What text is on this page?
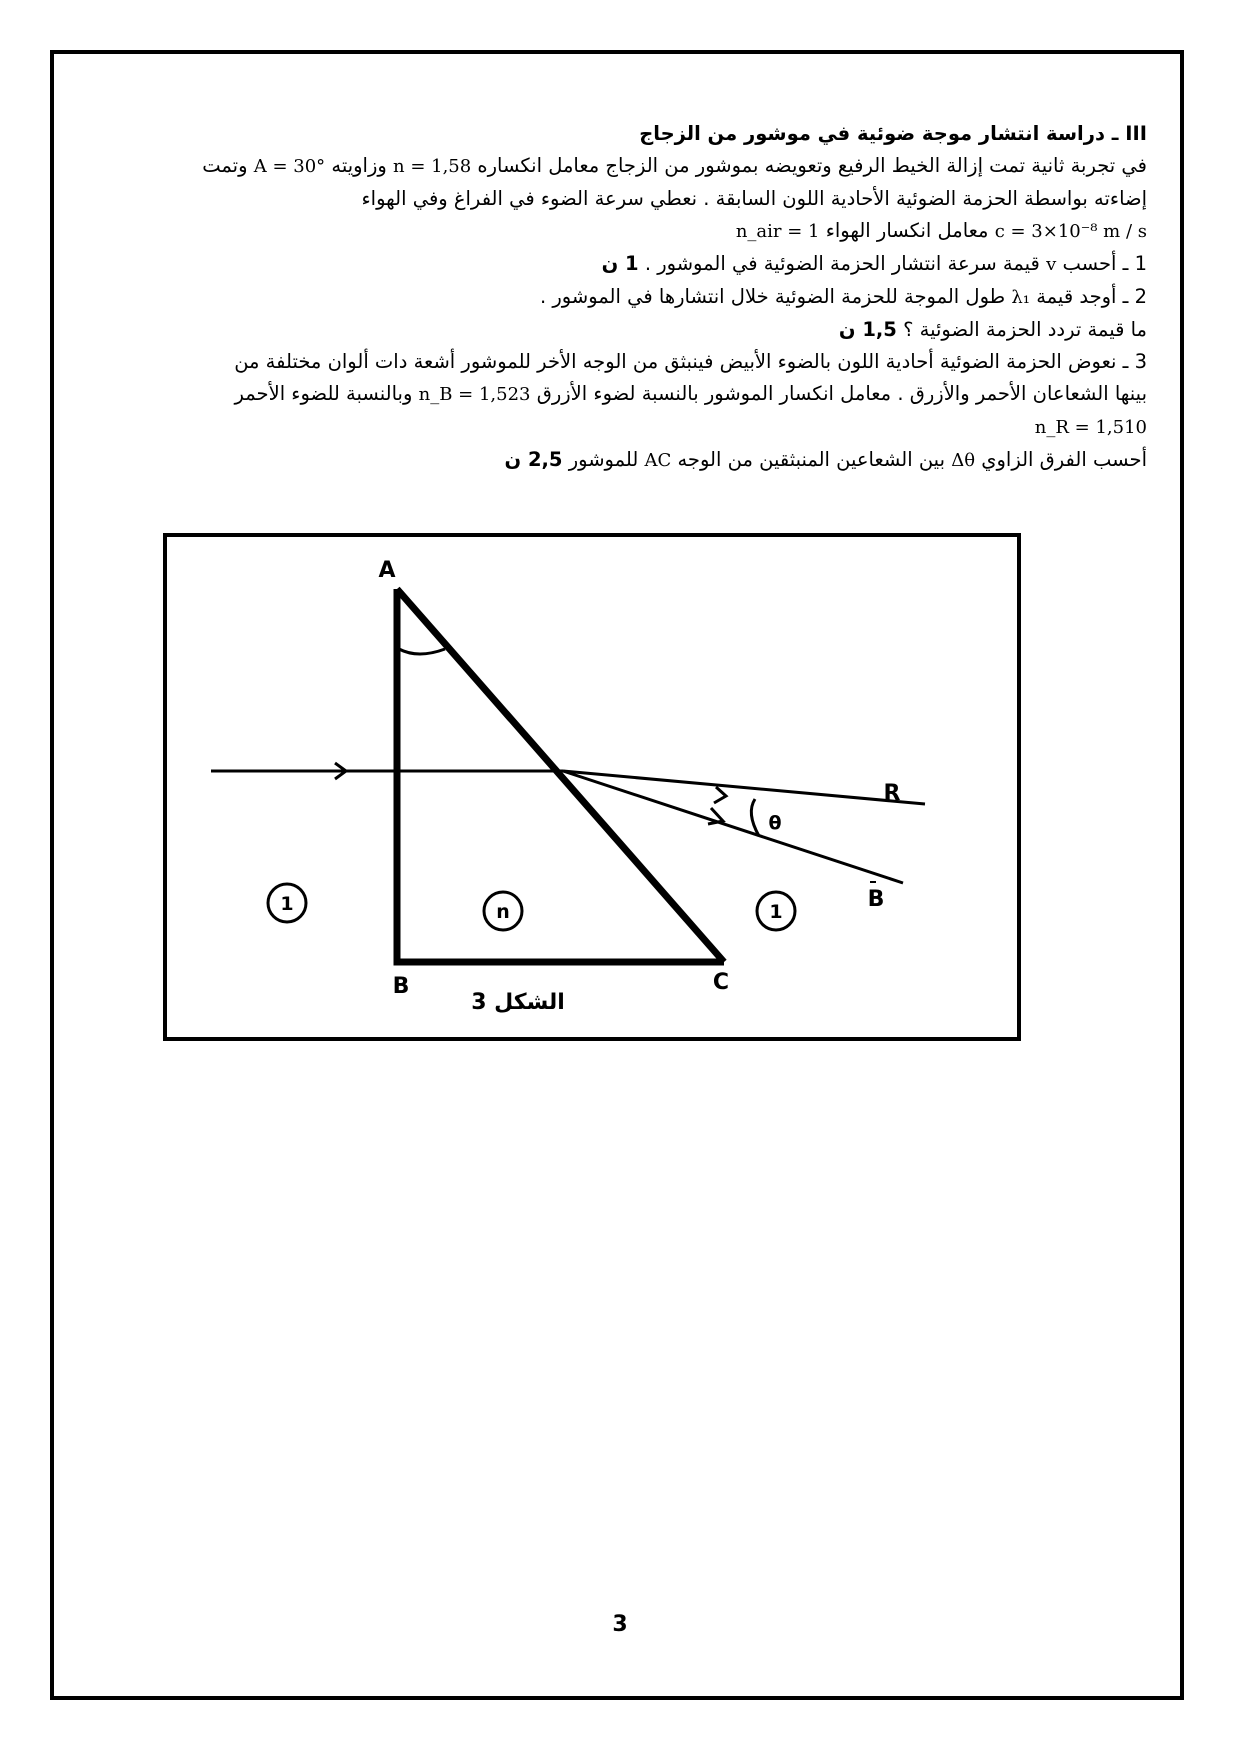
III ـ دراسة انتشار موجة ضوئية في موشور من الزجاج
في تجربة ثانية تمت إزالة الخيط الرفيع وتعويضه بموشور من الزجاج معامل انكساره n = 1,58 وزاويته A = 30° وتمت
إضاءته بواسطة الحزمة الضوئية الأحادية اللون السابقة . نعطي سرعة الضوء في الفراغ وفي الهواء
c = 3×10⁻⁸ m / s معامل انكسار الهواء n_air = 1
1 ـ أحسب v قيمة سرعة انتشار الحزمة الضوئية في الموشور . 1 ن
2 ـ أوجد قيمة λ₁ طول الموجة للحزمة الضوئية خلال انتشارها في الموشور .
ما قيمة تردد الحزمة الضوئية ؟ 1,5 ن
3 ـ نعوض الحزمة الضوئية أحادية اللون بالضوء الأبيض فينبثق من الوجه الأخر للموشور أشعة دات ألوان مختلفة من
بينها الشعاعان الأحمر والأزرق . معامل انكسار الموشور بالنسبة لضوء الأزرق n_B = 1,523 وبالنسبة للضوء الأحمر
n_R = 1,510
أحسب الفرق الزاوي Δθ بين الشعاعين المنبثقين من الوجه AC للموشور 2,5 ن
A
B	C
R
B
θ
1	n	1
الشكل 3
3
